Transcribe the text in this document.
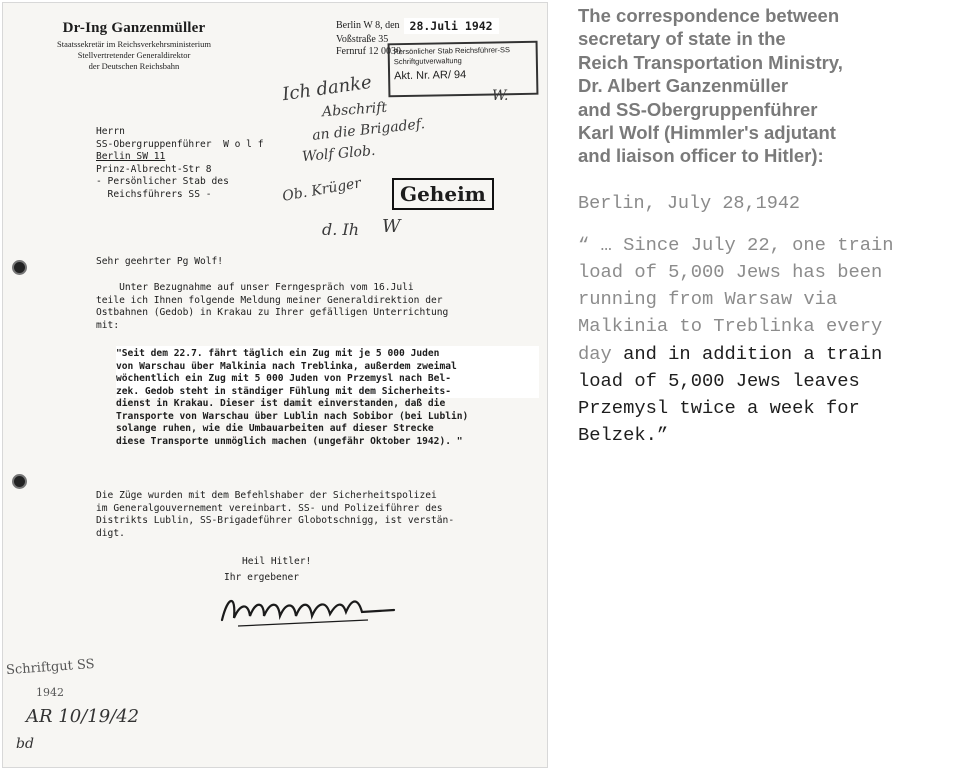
Dr-Ing Ganzenmüller
Staatssekretär im Reichsverkehrsministerium
Stellvertretender Generaldirektor
der Deutschen Reichsbahn
Berlin W 8, den 28.Juli 1942
Voßstraße 35
Fernruf 12 0030
Persönlicher Stab Reichsführer-SS
Schriftgutverwaltung
Akt. Nr. AR/ 94
Ich danke
Abschrift
an die Brigadef.
Wolf Glob.
Ob. Krüger
d. Ih
W.
W
Herrn
SS-Obergruppenführer  W o l f
Berlin SW 11
Prinz-Albrecht-Str 8
- Persönlicher Stab des
Reichsführers SS -	Geheim
Sehr geehrter Pg Wolf!
Unter Bezugnahme auf unser Ferngespräch vom 16.Juli
teile ich Ihnen folgende Meldung meiner Generaldirektion der
Ostbahnen (Gedob) in Krakau zu Ihrer gefälligen Unterrichtung
mit:
"Seit dem 22.7. fährt täglich ein Zug mit je 5 000 Juden
von Warschau über Malkinia nach Treblinka, außerdem zweimal
wöchentlich ein Zug mit 5 000 Juden von Przemysl nach Bel-
zek. Gedob steht in ständiger Fühlung mit dem Sicherheits-
dienst in Krakau. Dieser ist damit einverstanden, daß die
Transporte von Warschau über Lublin nach Sobibor (bei Lublin)
solange ruhen, wie die Umbauarbeiten auf dieser Strecke
diese Transporte unmöglich machen (ungefähr Oktober 1942). "
Die Züge wurden mit dem Befehlshaber der Sicherheitspolizei
im Generalgouvernement vereinbart. SS- und Polizeiführer des
Distrikts Lublin, SS-Brigadeführer Globotschnigg, ist verstän-
digt.
Heil Hitler!
Ihr ergebener
Schriftgut SS
1942
AR 10/19/42
bd

The correspondence between
secretary of state in the
Reich Transportation Ministry,
Dr. Albert Ganzenmüller
and SS-Obergruppenführer
Karl Wolf (Himmler's adjutant
and liaison officer to Hitler):

Berlin, July 28,1942
“ … Since July 22, one train
load of 5,000 Jews has been
running from Warsaw via
Malkinia to Treblinka every
day and in addition a train
load of 5,000 Jews leaves
Przemysl twice a week for
Belzek.”
